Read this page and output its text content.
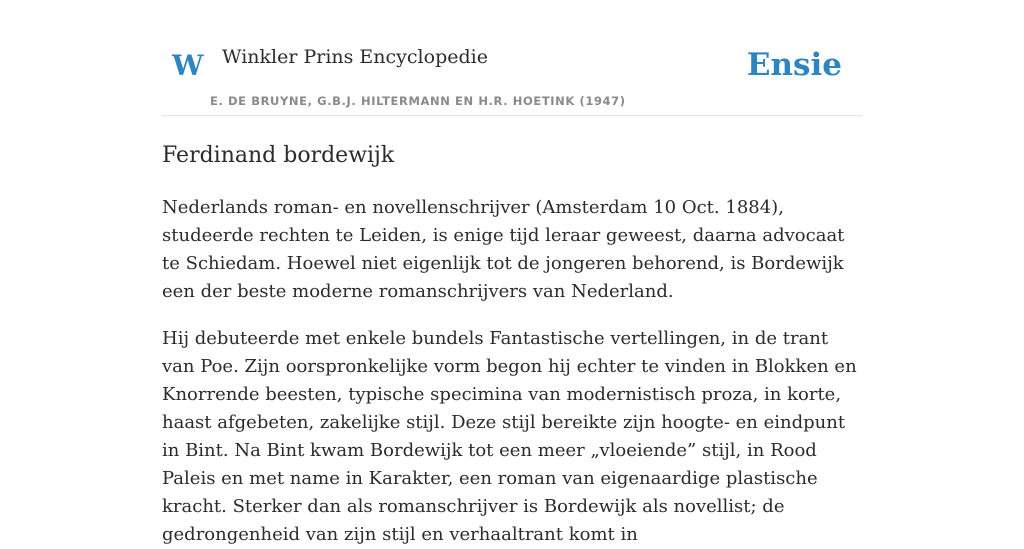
W Winkler Prins Encyclopedie
E. DE BRUYNE, G.B.J. HILTERMANN EN H.R. HOETINK (1947)
Ensie
Ferdinand bordewijk

Nederlands roman- en novellenschrijver (Amsterdam 10 Oct. 1884), studeerde rechten te Leiden, is enige tijd leraar geweest, daarna advocaat te Schiedam. Hoewel niet eigenlijk tot de jongeren behorend, is Bordewijk een der beste moderne romanschrijvers van Nederland.

Hij debuteerde met enkele bundels Fantastische vertellingen, in de trant van Poe. Zijn oorspronkelijke vorm begon hij echter te vinden in Blokken en Knorrende beesten, typische specimina van modernistisch proza, in korte, haast afgebeten, zakelijke stijl. Deze stijl bereikte zijn hoogte- en eindpunt in Bint. Na Bint kwam Bordewijk tot een meer „vloeiende” stijl, in Rood Paleis en met name in Karakter, een roman van eigenaardige plastische kracht. Sterker dan als romanschrijver is Bordewijk als novellist; de gedrongenheid van zijn stijl en verhaaltrant komt in
